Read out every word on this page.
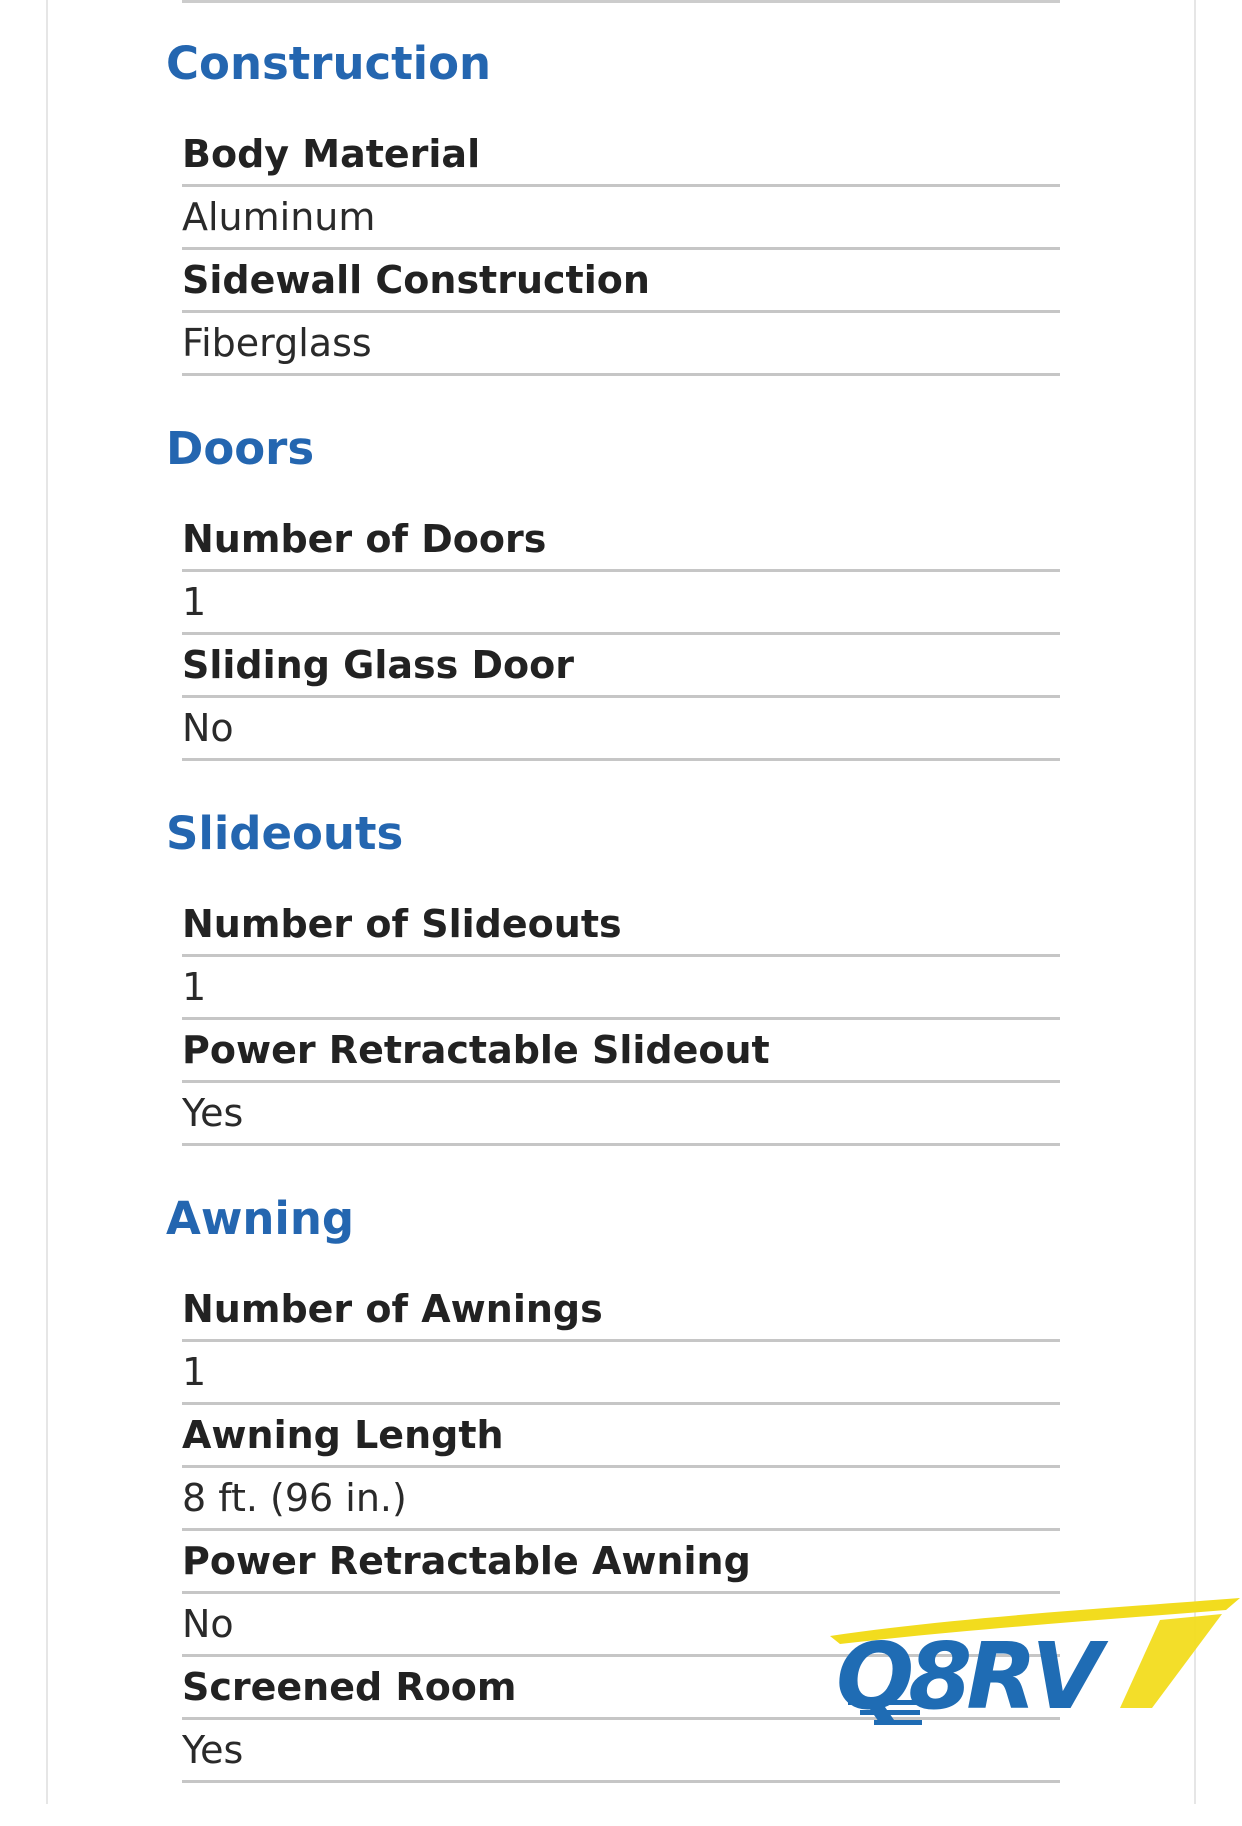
Construction
Body Material
Aluminum
Sidewall Construction
Fiberglass
Doors
Number of Doors
1
Sliding Glass Door
No
Slideouts
Number of Slideouts
1
Power Retractable Slideout
Yes
Awning
Number of Awnings
1
Awning Length
8 ft. (96 in.)
Power Retractable Awning
No
Screened Room
Yes
Q8RV
